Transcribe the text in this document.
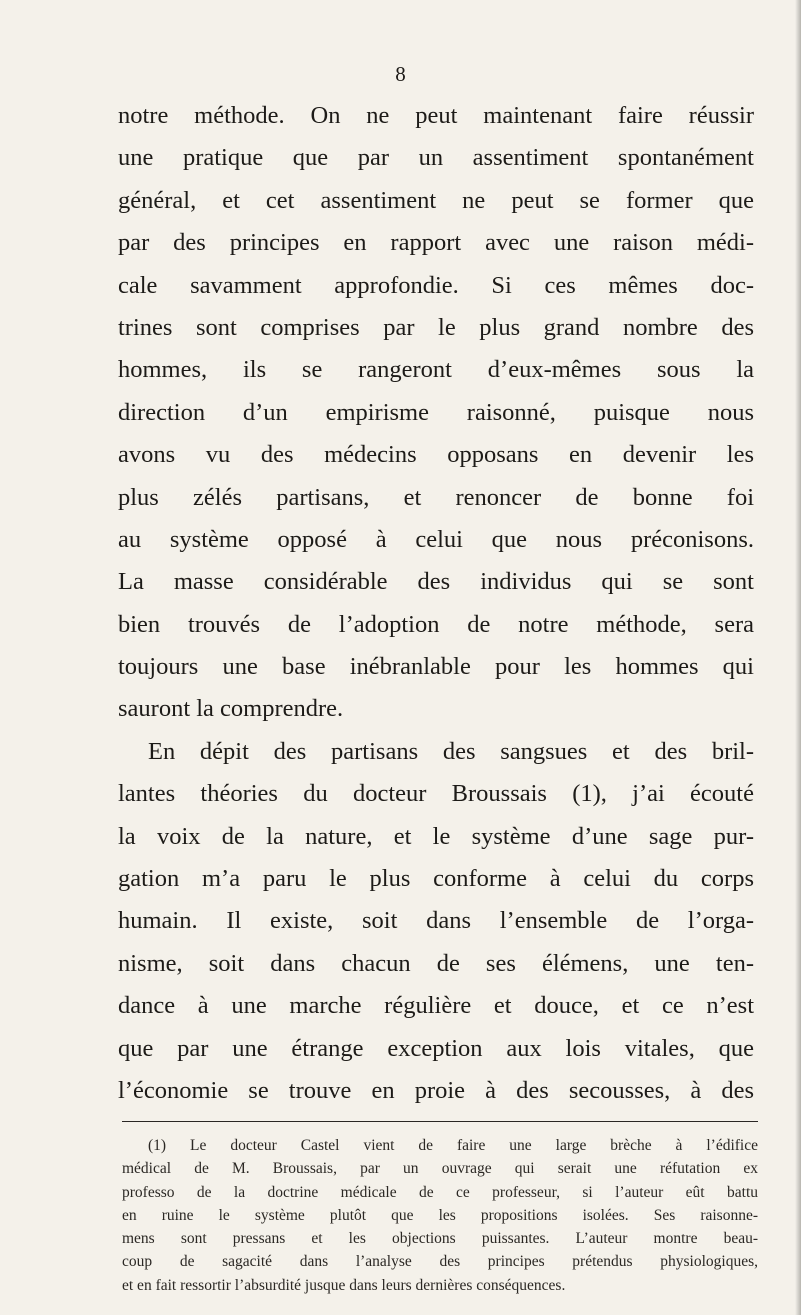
8
notre méthode. On ne peut maintenant faire réussir
une pratique que par un assentiment spontanément
général, et cet assentiment ne peut se former que
par des principes en rapport avec une raison médi-
cale savamment approfondie. Si ces mêmes doc-
trines sont comprises par le plus grand nombre des
hommes, ils se rangeront d’eux-mêmes sous la
direction d’un empirisme raisonné, puisque nous
avons vu des médecins opposans en devenir les
plus zélés partisans, et renoncer de bonne foi
au système opposé à celui que nous préconisons.
La masse considérable des individus qui se sont
bien trouvés de l’adoption de notre méthode, sera
toujours une base inébranlable pour les hommes qui
sauront la comprendre.
En dépit des partisans des sangsues et des bril-
lantes théories du docteur Broussais (1), j’ai écouté
la voix de la nature, et le système d’une sage pur-
gation m’a paru le plus conforme à celui du corps
humain. Il existe, soit dans l’ensemble de l’orga-
nisme, soit dans chacun de ses élémens, une ten-
dance à une marche régulière et douce, et ce n’est
que par une étrange exception aux lois vitales, que
l’économie se trouve en proie à des secousses, à des
(1) Le docteur Castel vient de faire une large brèche à l’édifice
médical de M. Broussais, par un ouvrage qui serait une réfutation ex
professo de la doctrine médicale de ce professeur, si l’auteur eût battu
en ruine le système plutôt que les propositions isolées. Ses raisonne-
mens sont pressans et les objections puissantes. L’auteur montre beau-
coup de sagacité dans l’analyse des principes prétendus physiologiques,
et en fait ressortir l’absurdité jusque dans leurs dernières conséquences.
